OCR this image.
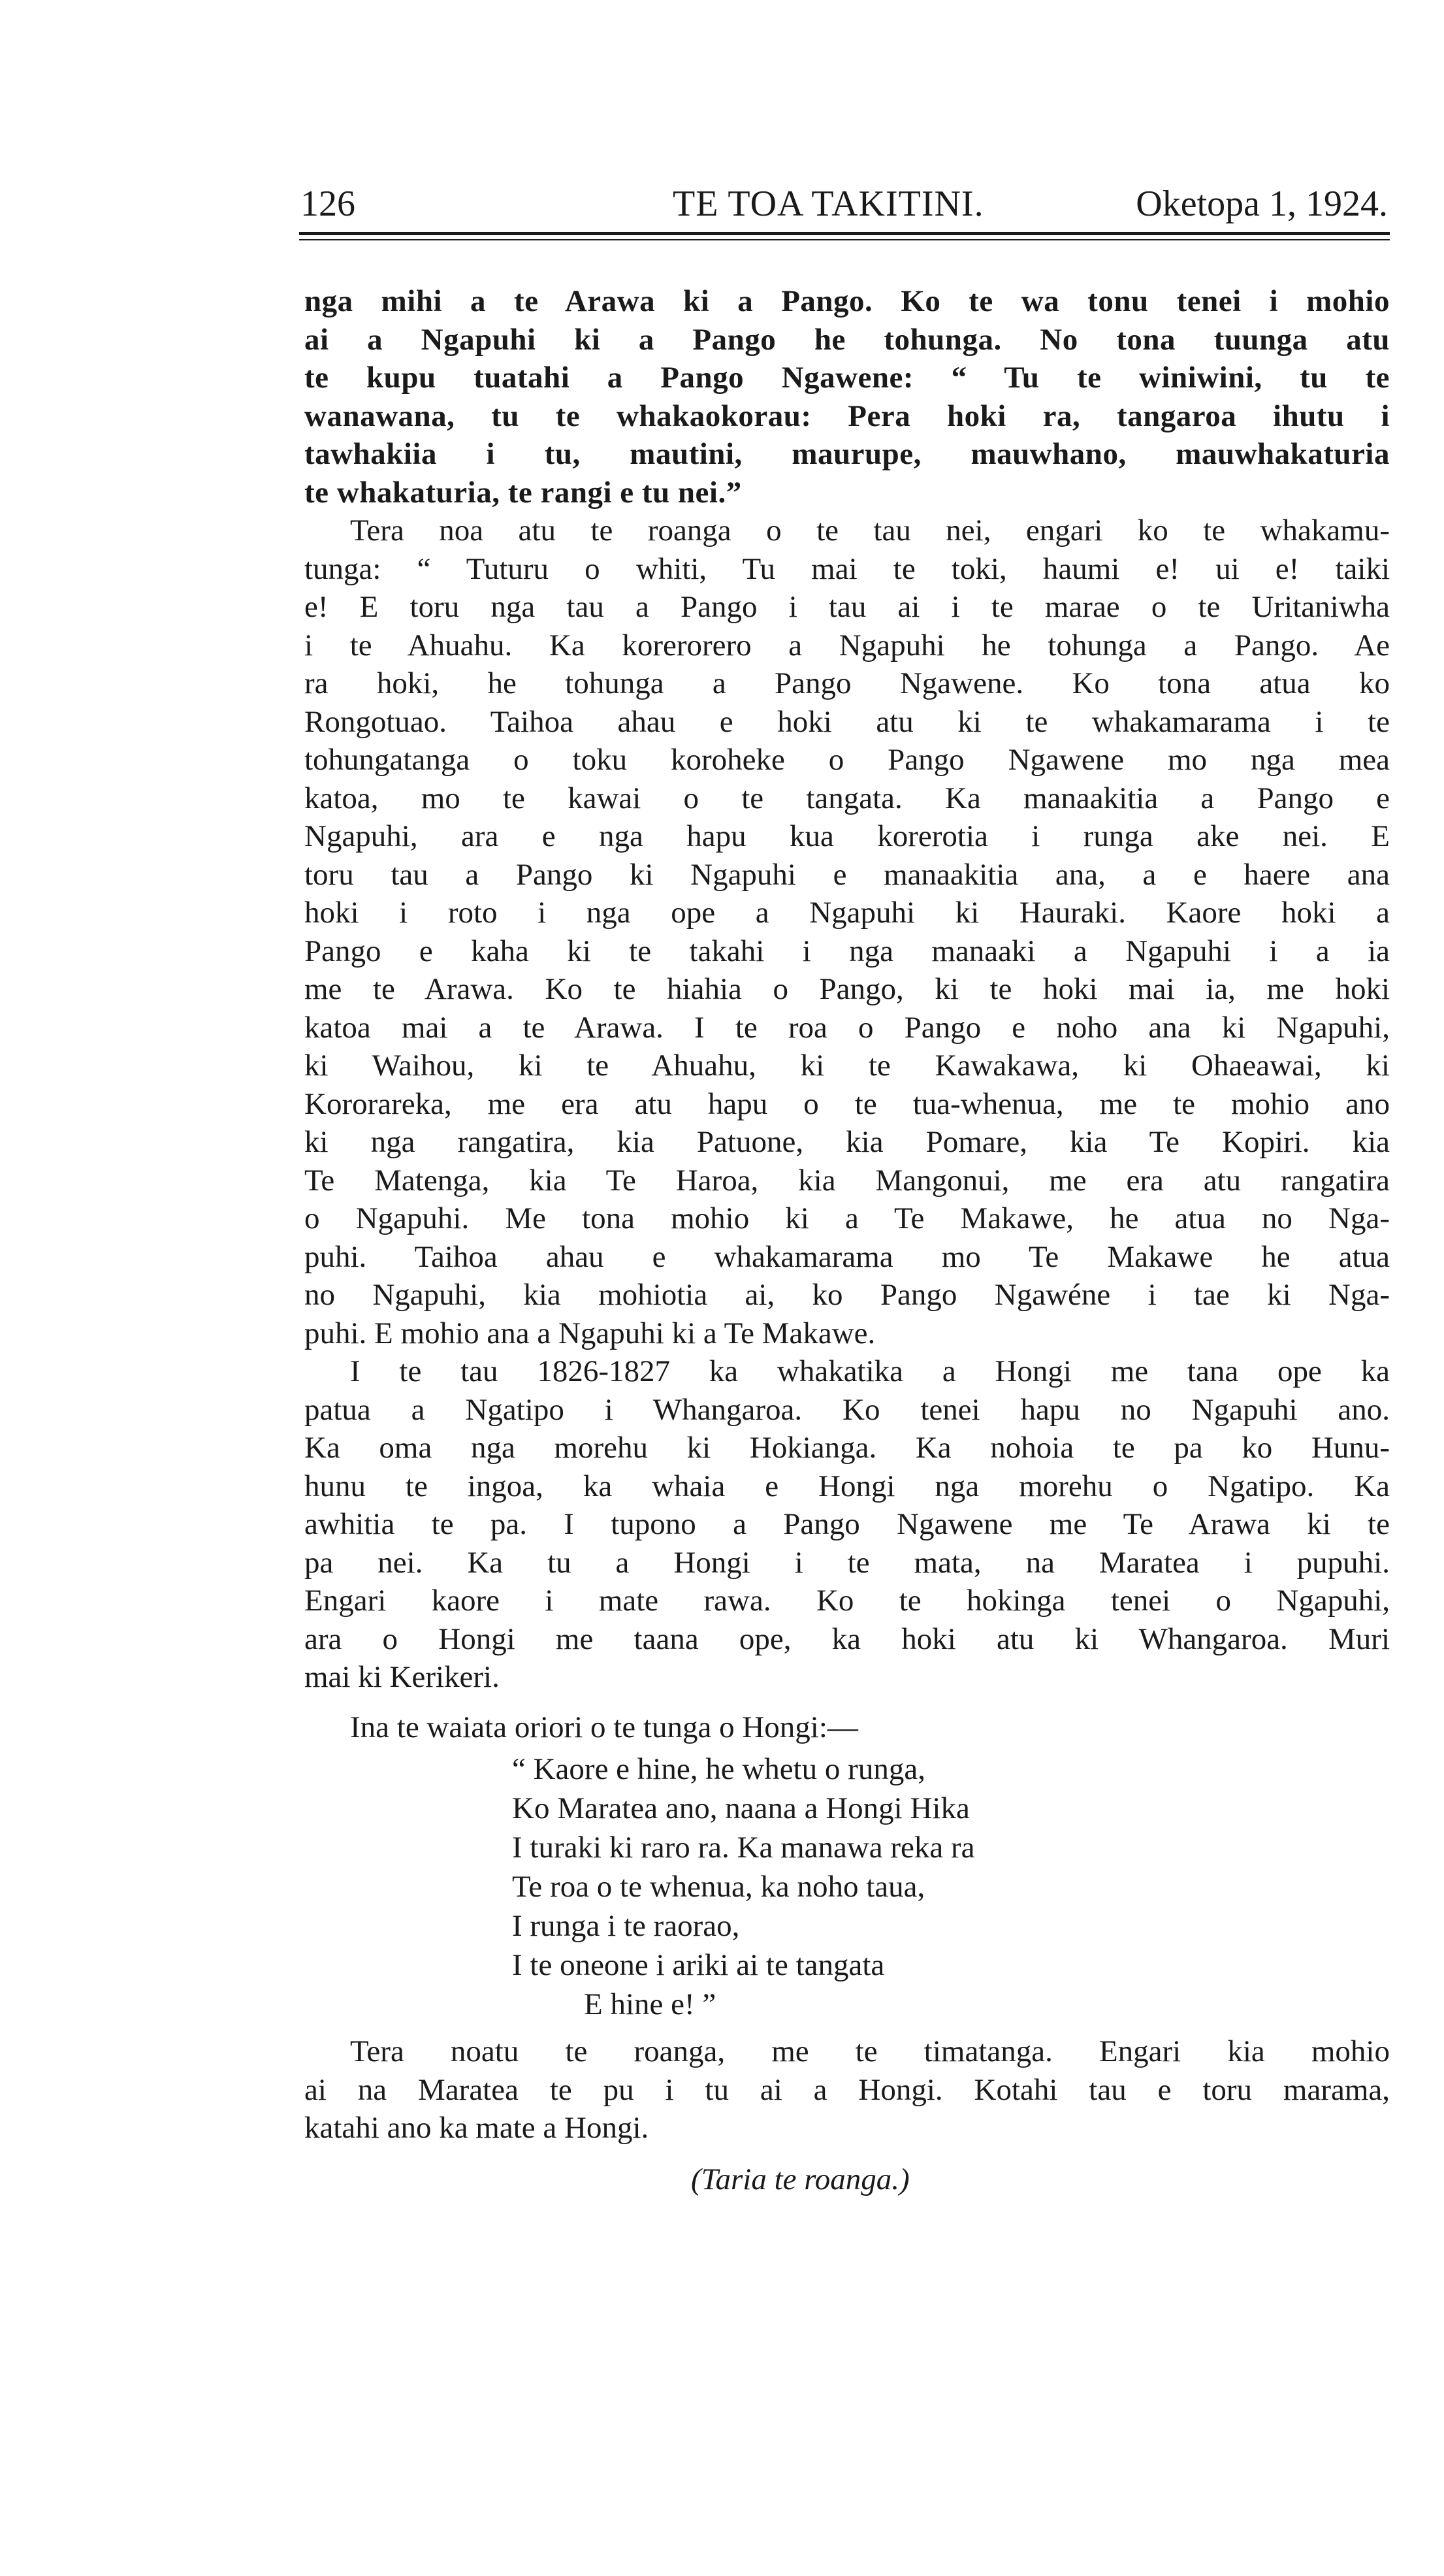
126	TE TOA TAKITINI.	Oketopa 1, 1924.
nga mihi a te Arawa ki a Pango. Ko te wa tonu tenei i mohio
ai a Ngapuhi ki a Pango he tohunga. No tona tuunga atu
te kupu tuatahi a Pango Ngawene: “ Tu te winiwini, tu te
wanawana, tu te whakaokorau: Pera hoki ra, tangaroa ihutu i
tawhakiia i tu, mautini, maurupe, mauwhano, mauwhakaturia
te whakaturia, te rangi e tu nei.”
Tera noa atu te roanga o te tau nei, engari ko te whakamu-
tunga: “ Tuturu o whiti, Tu mai te toki, haumi e! ui e! taiki
e! E toru nga tau a Pango i tau ai i te marae o te Uritaniwha
i te Ahuahu. Ka korerorero a Ngapuhi he tohunga a Pango. Ae
ra hoki, he tohunga a Pango Ngawene. Ko tona atua ko
Rongotuao. Taihoa ahau e hoki atu ki te whakamarama i te
tohungatanga o toku koroheke o Pango Ngawene mo nga mea
katoa, mo te kawai o te tangata. Ka manaakitia a Pango e
Ngapuhi, ara e nga hapu kua korerotia i runga ake nei. E
toru tau a Pango ki Ngapuhi e manaakitia ana, a e haere ana
hoki i roto i nga ope a Ngapuhi ki Hauraki. Kaore hoki a
Pango e kaha ki te takahi i nga manaaki a Ngapuhi i a ia
me te Arawa. Ko te hiahia o Pango, ki te hoki mai ia, me hoki
katoa mai a te Arawa. I te roa o Pango e noho ana ki Ngapuhi,
ki Waihou, ki te Ahuahu, ki te Kawakawa, ki Ohaeawai, ki
Kororareka, me era atu hapu o te tua-whenua, me te mohio ano
ki nga rangatira, kia Patuone, kia Pomare, kia Te Kopiri. kia
Te Matenga, kia Te Haroa, kia Mangonui, me era atu rangatira
o Ngapuhi. Me tona mohio ki a Te Makawe, he atua no Nga-
puhi. Taihoa ahau e whakamarama mo Te Makawe he atua
no Ngapuhi, kia mohiotia ai, ko Pango Ngawéne i tae ki Nga-
puhi. E mohio ana a Ngapuhi ki a Te Makawe.
I te tau 1826-1827 ka whakatika a Hongi me tana ope ka
patua a Ngatipo i Whangaroa. Ko tenei hapu no Ngapuhi ano.
Ka oma nga morehu ki Hokianga. Ka nohoia te pa ko Hunu-
hunu te ingoa, ka whaia e Hongi nga morehu o Ngatipo. Ka
awhitia te pa. I tupono a Pango Ngawene me Te Arawa ki te
pa nei. Ka tu a Hongi i te mata, na Maratea i pupuhi.
Engari kaore i mate rawa. Ko te hokinga tenei o Ngapuhi,
ara o Hongi me taana ope, ka hoki atu ki Whangaroa. Muri
mai ki Kerikeri.
Ina te waiata oriori o te tunga o Hongi:—
“ Kaore e hine, he whetu o runga,
Ko Maratea ano, naana a Hongi Hika
I turaki ki raro ra. Ka manawa reka ra
Te roa o te whenua, ka noho taua,
I runga i te raorao,
I te oneone i ariki ai te tangata
E hine e! ”
Tera noatu te roanga, me te timatanga. Engari kia mohio
ai na Maratea te pu i tu ai a Hongi. Kotahi tau e toru marama,
katahi ano ka mate a Hongi.
(Taria te roanga.)
